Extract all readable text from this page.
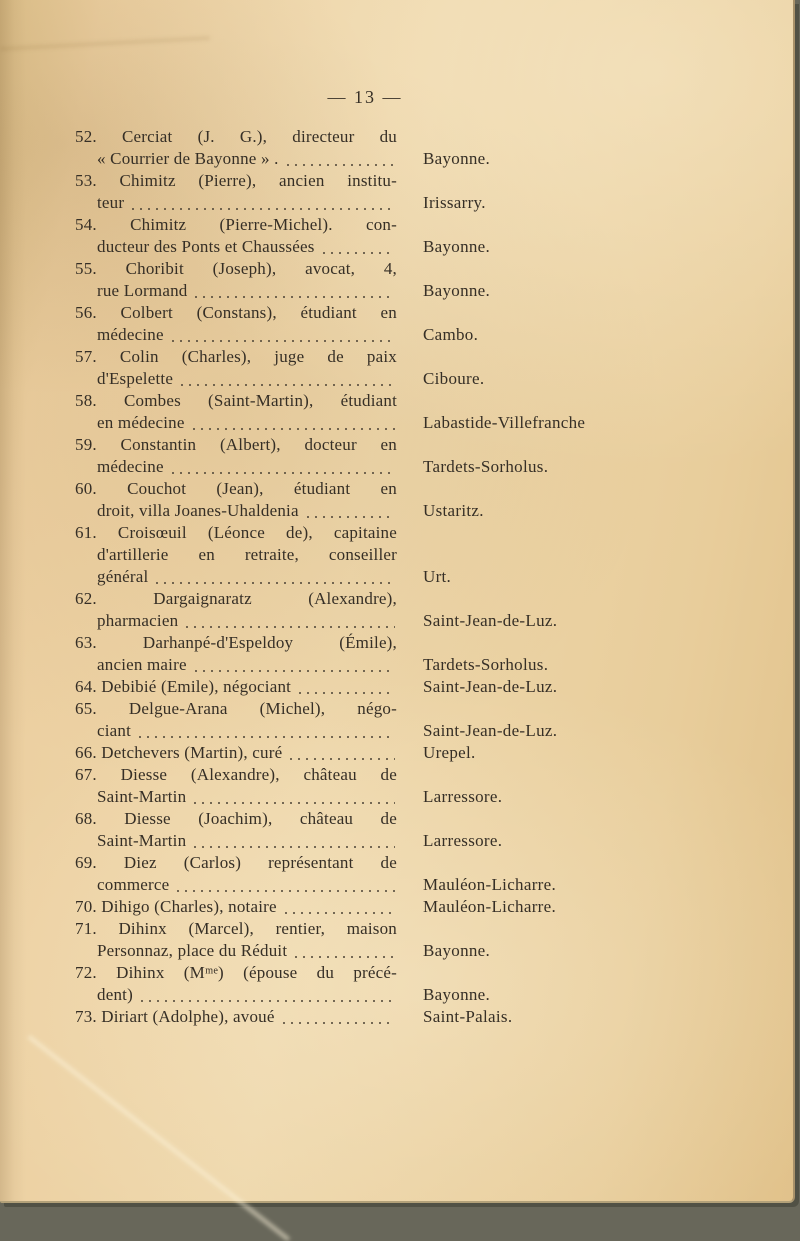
— 13 —
52. Cerciat (J. G.), directeur du
« Courrier de Bayonne » .	Bayonne.
53. Chimitz (Pierre), ancien institu-
teur	Irissarry.
54. Chimitz (Pierre-Michel). con-
ducteur des Ponts et Chaussées	Bayonne.
55. Choribit (Joseph), avocat, 4,
rue Lormand	Bayonne.
56. Colbert (Constans), étudiant en
médecine	Cambo.
57. Colin (Charles), juge de paix
d'Espelette	Ciboure.
58. Combes (Saint-Martin), étudiant
en médecine	Labastide-Villefranche
59. Constantin (Albert), docteur en
médecine	Tardets-Sorholus.
60. Couchot (Jean), étudiant en
droit, villa Joanes-Uhaldenia	Ustaritz.
61. Croisœuil (Léonce de), capitaine
d'artillerie en retraite, conseiller
général	Urt.
62. Dargaignaratz (Alexandre),
pharmacien	Saint-Jean-de-Luz.
63. Darhanpé-d'Espeldoy (Émile),
ancien maire	Tardets-Sorholus.
64. Debibié (Emile), négociant	Saint-Jean-de-Luz.
65. Delgue-Arana (Michel), négo-
ciant	Saint-Jean-de-Luz.
66. Detchevers (Martin), curé	Urepel.
67. Diesse (Alexandre), château de
Saint-Martin	Larressore.
68. Diesse (Joachim), château de
Saint-Martin	Larressore.
69. Diez (Carlos) représentant de
commerce	Mauléon-Licharre.
70. Dihigo (Charles), notaire	Mauléon-Licharre.
71. Dihinx (Marcel), rentier, maison
Personnaz, place du Réduit	Bayonne.
72. Dihinx (Mᵐᵉ) (épouse du précé-
dent)	Bayonne.
73. Diriart (Adolphe), avoué	Saint-Palais.
